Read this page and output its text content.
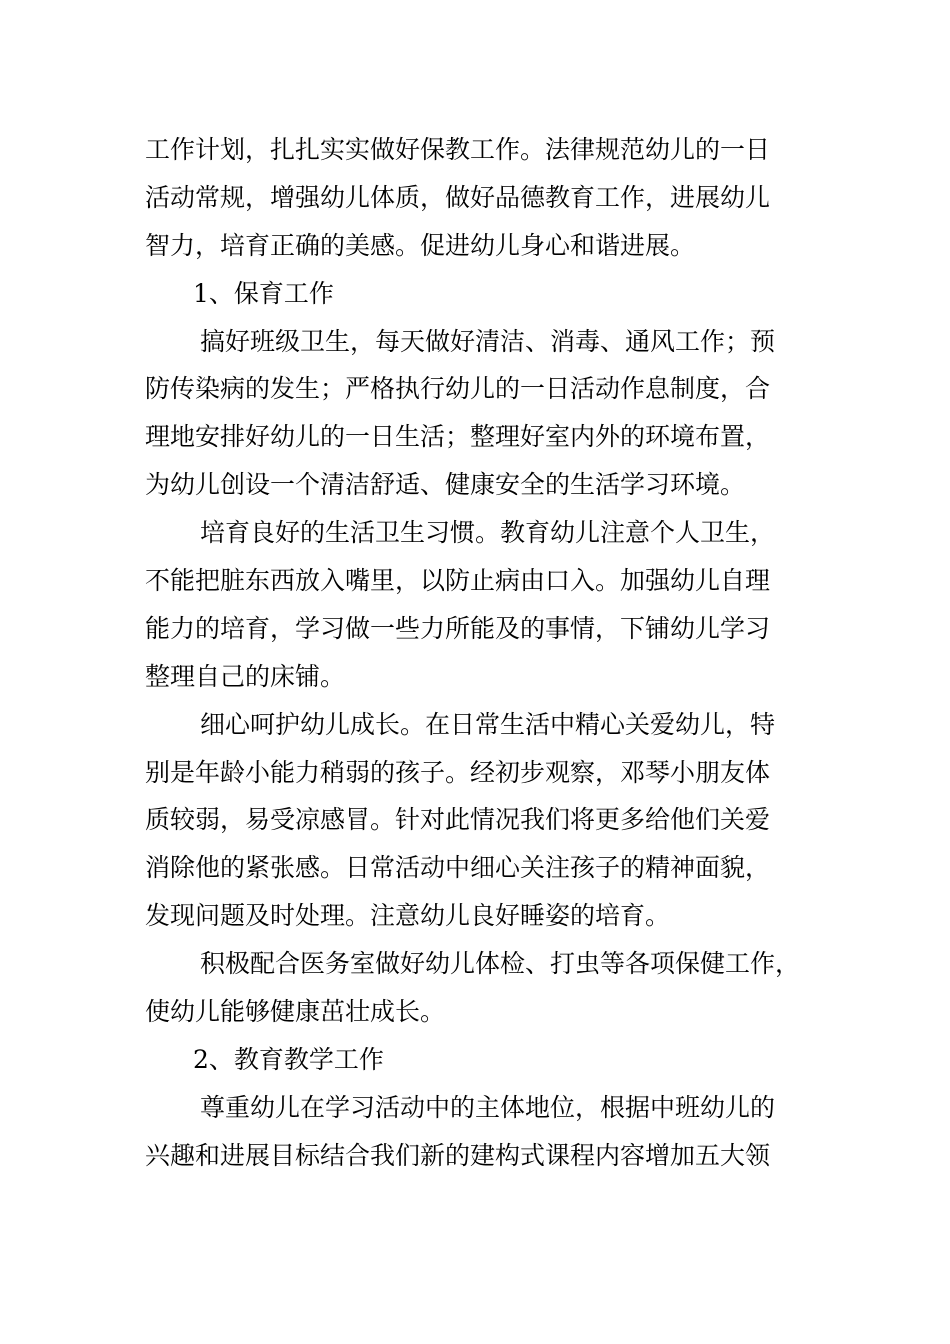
工作计划，扎扎实实做好保教工作。法律规范幼儿的一日
活动常规，增强幼儿体质，做好品德教育工作，进展幼儿
智力，培育正确的美感。促进幼儿身心和谐进展。
1、保育工作
搞好班级卫生，每天做好清洁、消毒、通风工作；预
防传染病的发生；严格执行幼儿的一日活动作息制度，合
理地安排好幼儿的一日生活；整理好室内外的环境布置，
为幼儿创设一个清洁舒适、健康安全的生活学习环境。
培育良好的生活卫生习惯。教育幼儿注意个人卫生，
不能把脏东西放入嘴里，以防止病由口入。加强幼儿自理
能力的培育，学习做一些力所能及的事情，下铺幼儿学习
整理自己的床铺。
细心呵护幼儿成长。在日常生活中精心关爱幼儿，特
别是年龄小能力稍弱的孩子。经初步观察，邓琴小朋友体
质较弱，易受凉感冒。针对此情况我们将更多给他们关爱
消除他的紧张感。日常活动中细心关注孩子的精神面貌，
发现问题及时处理。注意幼儿良好睡姿的培育。
积极配合医务室做好幼儿体检、打虫等各项保健工作，
使幼儿能够健康茁壮成长。
2、教育教学工作
尊重幼儿在学习活动中的主体地位，根据中班幼儿的
兴趣和进展目标结合我们新的建构式课程内容增加五大领
